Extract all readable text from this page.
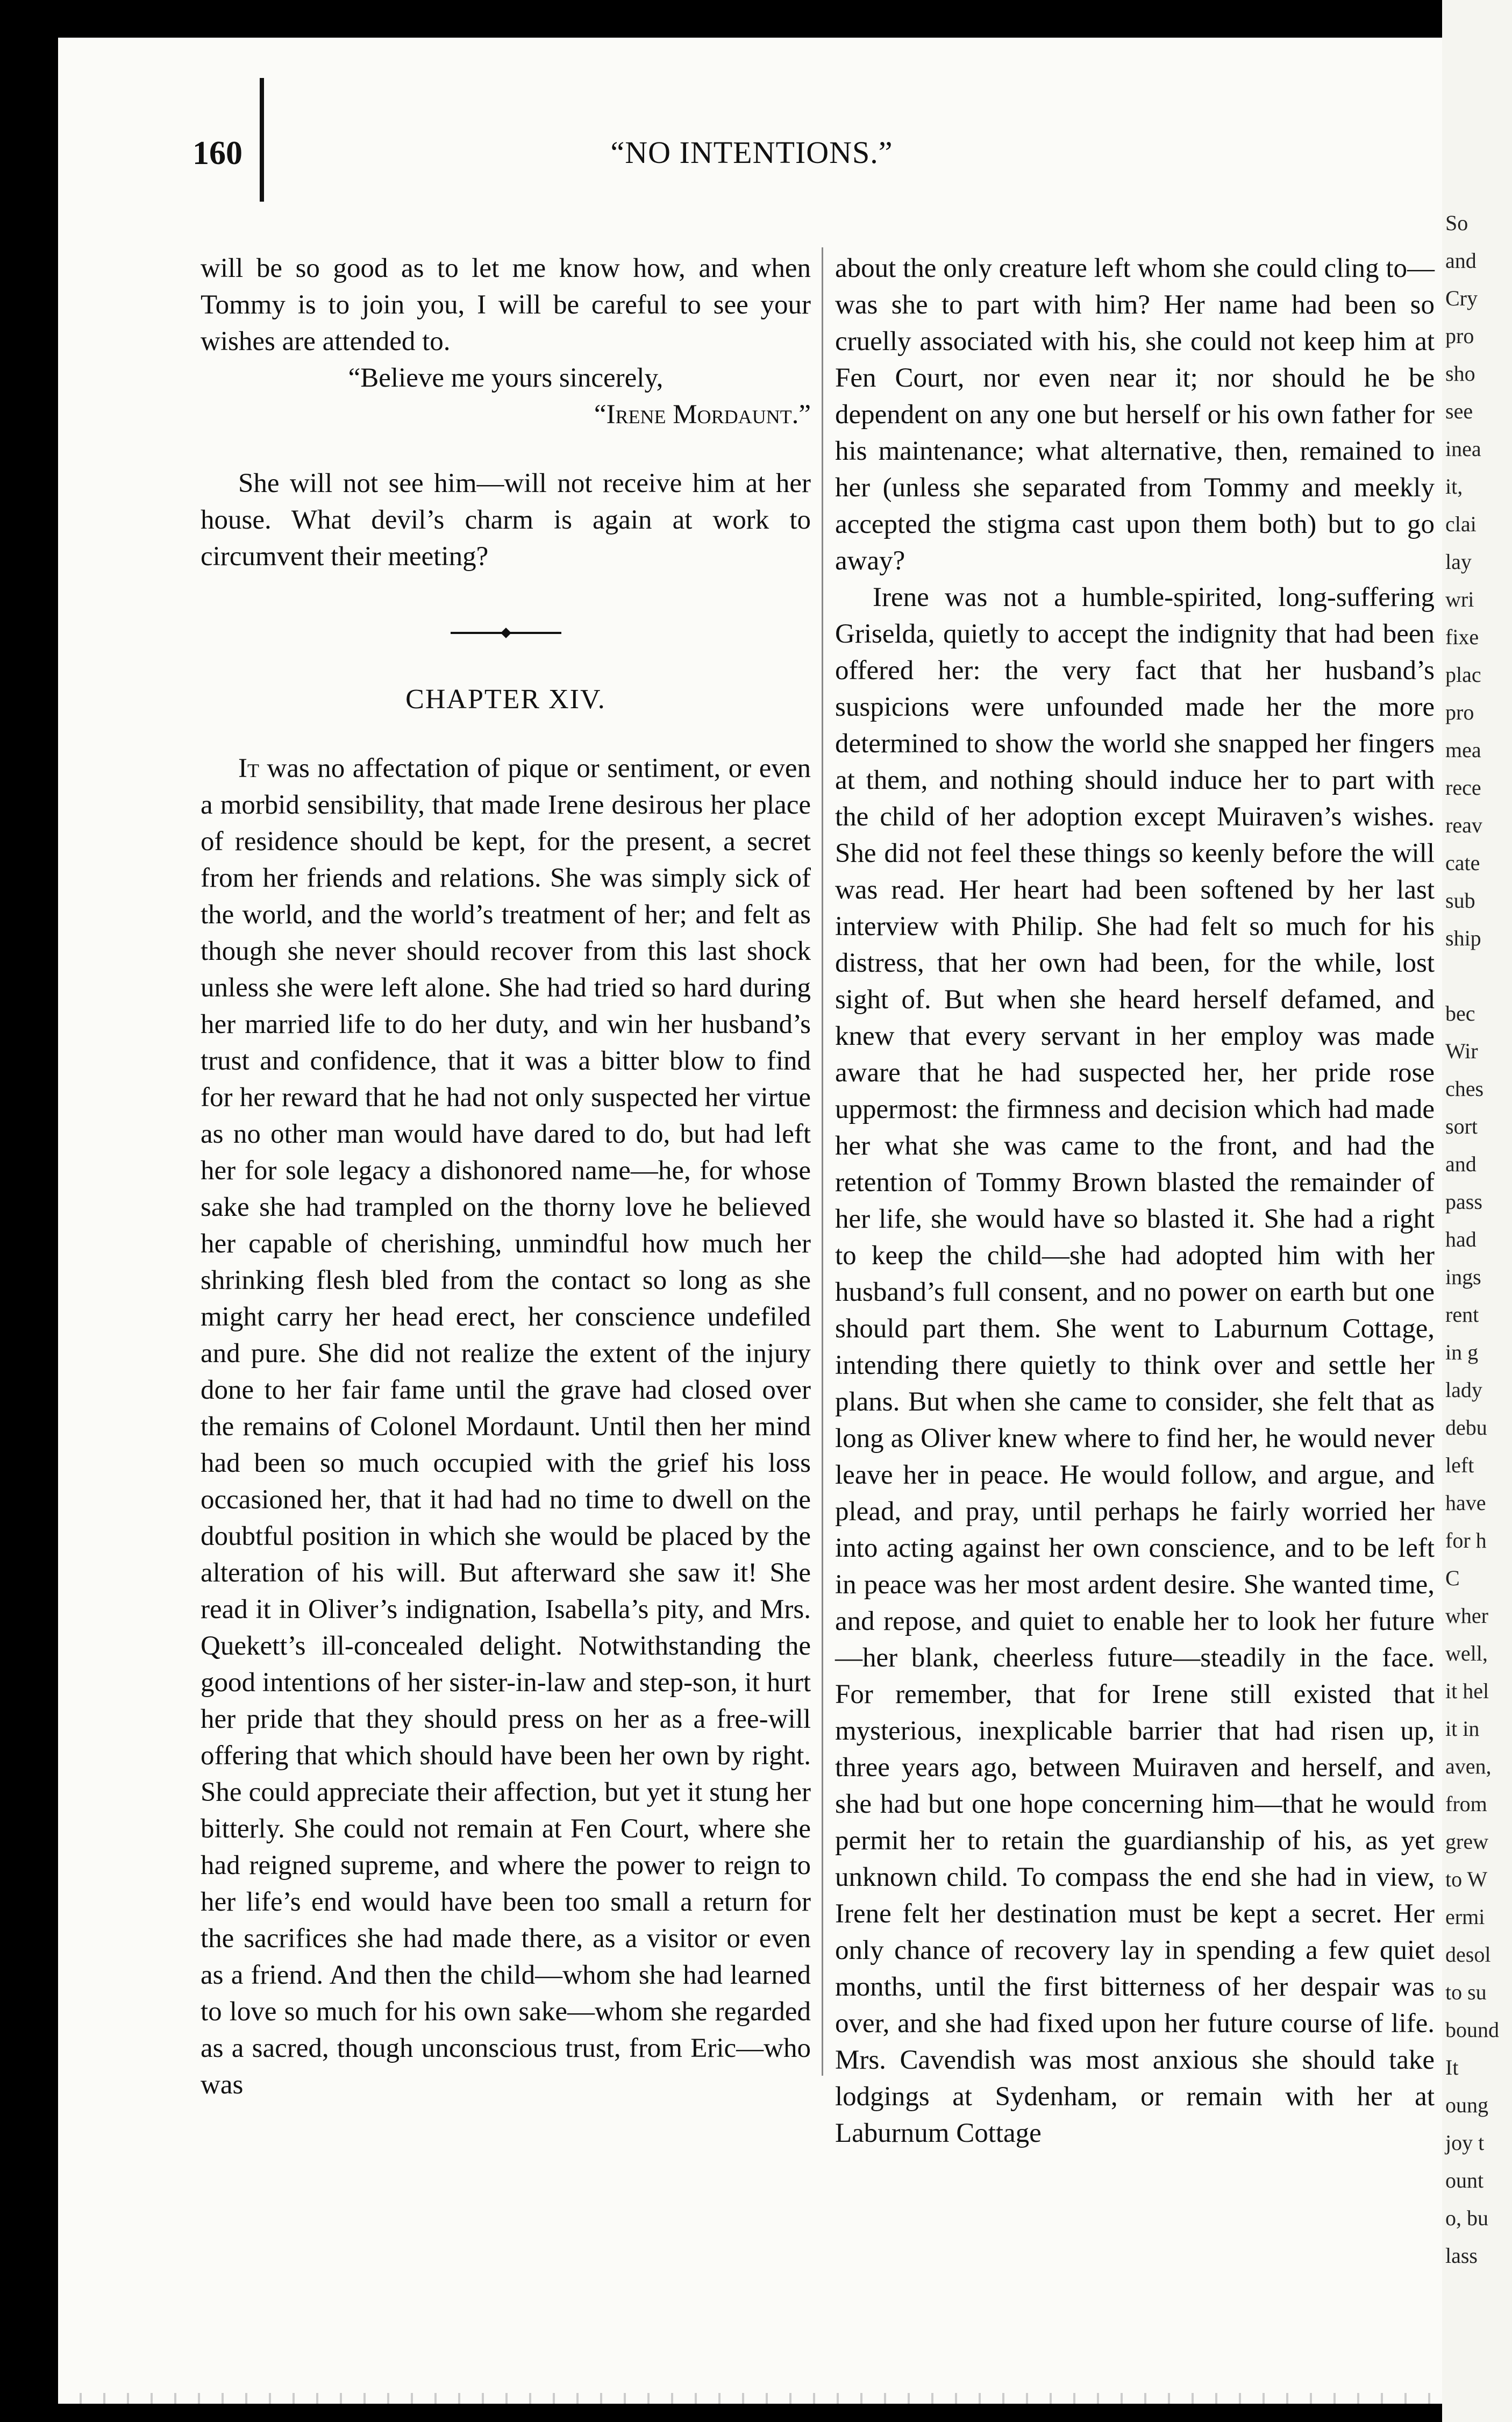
160	“NO INTENTIONS.”

will be so good as to let me know how, and when Tommy is to join you, I will be careful to see your wishes are attended to.

“Believe me yours sincerely,

“Irene Mordaunt.”

She will not see him—will not receive him at her house. What devil’s charm is again at work to circumvent their meeting?

CHAPTER XIV.

It was no affectation of pique or sentiment, or even a morbid sensibility, that made Irene desirous her place of residence should be kept, for the present, a secret from her friends and relations. She was simply sick of the world, and the world’s treatment of her; and felt as though she never should recover from this last shock unless she were left alone. She had tried so hard during her married life to do her duty, and win her husband’s trust and confidence, that it was a bitter blow to find for her reward that he had not only suspected her virtue as no other man would have dared to do, but had left her for sole legacy a dishonored name—he, for whose sake she had trampled on the thorny love he believed her capable of cherishing, unmindful how much her shrinking flesh bled from the contact so long as she might carry her head erect, her conscience undefiled and pure. She did not realize the extent of the injury done to her fair fame until the grave had closed over the remains of Colonel Mordaunt. Until then her mind had been so much occupied with the grief his loss occasioned her, that it had had no time to dwell on the doubtful position in which she would be placed by the alteration of his will. But afterward she saw it! She read it in Oliver’s indignation, Isabella’s pity, and Mrs. Quekett’s ill-concealed delight. Notwithstanding the good intentions of her sister-in-law and step-son, it hurt her pride that they should press on her as a free-will offering that which should have been her own by right. She could appreciate their affection, but yet it stung her bitterly. She could not remain at Fen Court, where she had reigned supreme, and where the power to reign to her life’s end would have been too small a return for the sacrifices she had made there, as a visitor or even as a friend. And then the child—whom she had learned to love so much for his own sake—whom she regarded as a sacred, though unconscious trust, from Eric—who was

about the only creature left whom she could cling to—was she to part with him? Her name had been so cruelly associated with his, she could not keep him at Fen Court, nor even near it; nor should he be dependent on any one but herself or his own father for his maintenance; what alternative, then, remained to her (unless she separated from Tommy and meekly accepted the stigma cast upon them both) but to go away?

Irene was not a humble-spirited, long-suffering Griselda, quietly to accept the indignity that had been offered her: the very fact that her husband’s suspicions were unfounded made her the more determined to show the world she snapped her fingers at them, and nothing should induce her to part with the child of her adoption except Muiraven’s wishes. She did not feel these things so keenly before the will was read. Her heart had been softened by her last interview with Philip. She had felt so much for his distress, that her own had been, for the while, lost sight of. But when she heard herself defamed, and knew that every servant in her employ was made aware that he had suspected her, her pride rose uppermost: the firmness and decision which had made her what she was came to the front, and had the retention of Tommy Brown blasted the remainder of her life, she would have so blasted it. She had a right to keep the child—she had adopted him with her husband’s full consent, and no power on earth but one should part them. She went to Laburnum Cottage, intending there quietly to think over and settle her plans. But when she came to consider, she felt that as long as Oliver knew where to find her, he would never leave her in peace. He would follow, and argue, and plead, and pray, until perhaps he fairly worried her into acting against her own conscience, and to be left in peace was her most ardent desire. She wanted time, and repose, and quiet to enable her to look her future—her blank, cheerless future—steadily in the face. For remember, that for Irene still existed that mysterious, inexplicable barrier that had risen up, three years ago, between Muiraven and herself, and she had but one hope concerning him—that he would permit her to retain the guardianship of his, as yet unknown child. To compass the end she had in view, Irene felt her destination must be kept a secret. Her only chance of recovery lay in spending a few quiet months, until the first bitterness of her despair was over, and she had fixed upon her future course of life. Mrs. Cavendish was most anxious she should take lodgings at Sydenham, or remain with her at Laburnum Cottage

So
and
Cry
pro
sho
see
inea
it,
clai
lay
wri
fixe
plac
pro
mea
rece
reav
cate
sub
ship

bec
Wir
ches
sort
and
pass
had
ings
rent
in g
lady
debu
left
have
for h
C
wher
well,
it hel
it in
aven,
from
grew
to W
ermi
desol
to su
bound
It
oung
joy t
ount
o, bu
lass
